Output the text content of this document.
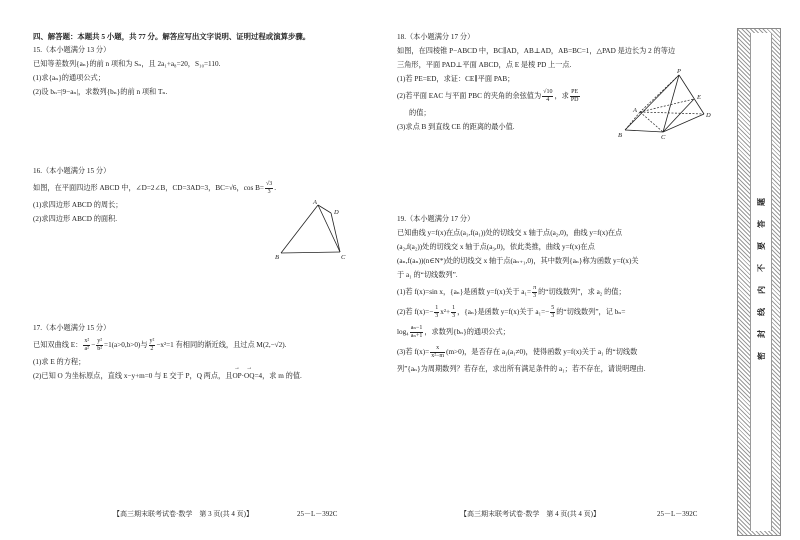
四、解答题：本题共 5 小题，共 77 分。解答应写出文字说明、证明过程或演算步骤。
15.（本小题满分 13 分）
已知等差数列{aₙ}的前 n 项和为 Sₙ，且 2a₁+a₈=20，S₁₀=110.
(1)求{aₙ}的通项公式；
(2)设 bₙ=|9−aₙ|，求数列{bₙ}的前 n 项和 Tₙ.
16.（本小题满分 15 分）
如图，在平面四边形 ABCD 中，∠D=2∠B，CD=3AD=3，BC=√6，$\cos B= \frac{√3}{3}$ .
(1)求四边形 ABCD 的周长；
(2)求四边形 ABCD 的面积.
17.（本小题满分 15 分）
已知双曲线 E： $\frac{\text{x²}}{\text{a²}} - \frac{\text{y²}}{\text{b²}} =1(a>0,b>0)$与 $\frac{\text{y²}}{2} -x^2=1$ 有相同的渐近线，且过点 M(2,−√2).
(1)求 E 的方程；
(2)已知 O 为坐标原点，直线 x−y+m=0 与 E 交于 P，Q 两点，且→ OP·→ OQ=4，求 m 的值.
A
B	C
D
【高三期末联考试卷·数学　第 3 页(共 4 页)】	25－L－392C
18.（本小题满分 17 分）
如图，在四棱锥 P−ABCD 中，BC∥AD，AB⊥AD，AB=BC=1，△PAD 是边长为 2 的等边
三角形，平面 PAD⊥平面 ABCD，点 E 是棱 PD 上一点.
(1)若 PE=ED，求证：CE∥平面 PAB；
(2)若平面 EAC 与平面 PBC 的夹角的余弦值为 $\frac{√10}{4}$ ，求 $\frac{PE}{PD}$
的值；
(3)求点 B 到直线 CE 的距离的最小值.
19.（本小题满分 17 分）
已知曲线 y=f(x)在点(a₁,f(a₁))处的切线交 x 轴于点(a₂,0)，曲线 y=f(x)在点
(a₂,f(a₂))处的切线交 x 轴于点(a₃,0)，依此类推，曲线 y=f(x)在点
(aₙ,f(aₙ))(n∈N*)处的切线交 x 轴于点(aₙ₊₁,0)，其中数列{aₙ}称为函数 y=f(x)关
于 a₁ 的“切线数列”.
(1)若 f(x)=sin x，{aₙ}是函数 y=f(x)关于 $a_1= \frac{\pi}{3}$ 的“切线数列”，求 a₂ 的值；
(2)若 $f(x)=- \frac{1}{3} x^2+ \frac{1}{3}$ ，{aₙ}是函数 y=f(x)关于 $a_1=- \frac{5}{3}$ 的“切线数列”，记 bₙ=
$\log_4 \frac{\text{aₙ−1}}{\text{aₙ+1}}$ ，求数列{bₙ}的通项公式；
(3)若 $f(x)= \frac{x}{\text{x²−m}} (m>0)$，是否存在 a₁(a₁≠0)，使得函数 y=f(x)关于 a₁ 的“切线数
列”{aₙ}为周期数列？若存在，求出所有满足条件的 a₁；若不存在，请说明理由.
P
A
B	C
D
E
【高三期末联考试卷·数学　第 4 页(共 4 页)】	25－L－392C
密封线内不要答题
